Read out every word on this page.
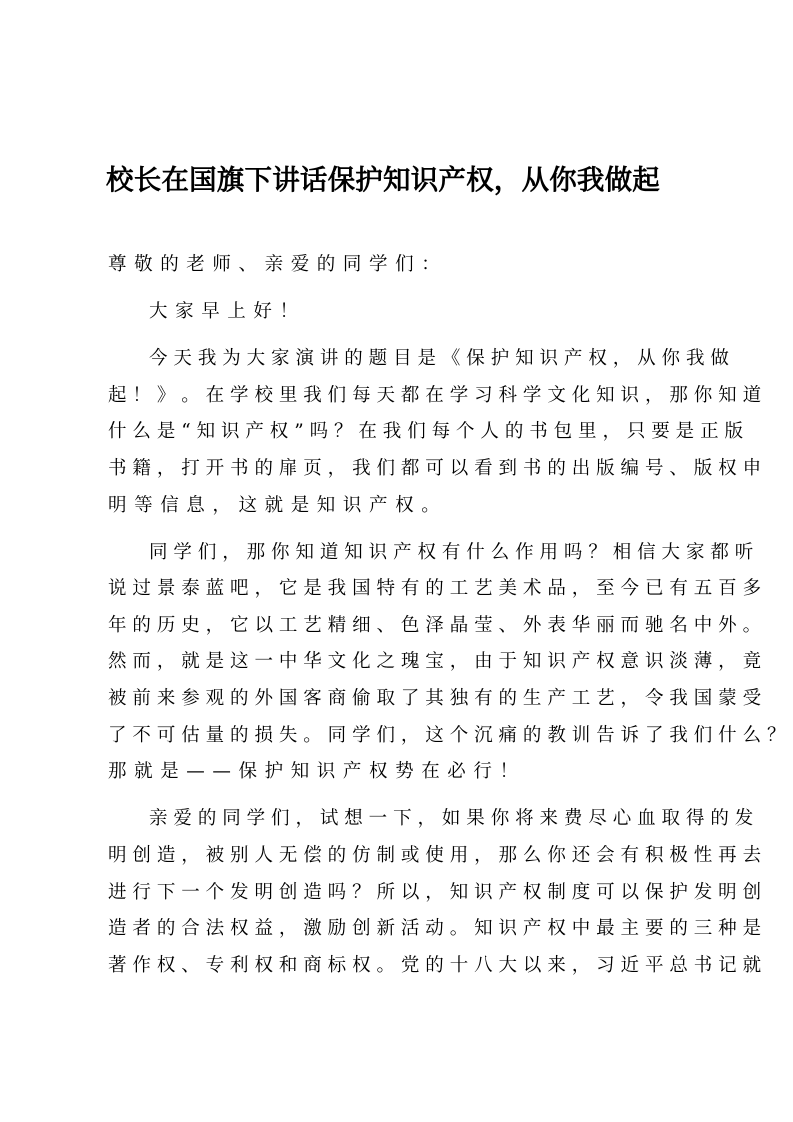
校长在国旗下讲话保护知识产权，从你我做起
尊敬的老师、亲爱的同学们：
大家早上好！
今 天 我 为 大 家 演 讲 的 题 目 是 《 保 护 知 识 产 权 ， 从 你 我 做
起 ！ 》 。 在 学 校 里 我 们 每 天 都 在 学 习 科 学 文 化 知 识 ， 那 你 知 道
什 么 是 “ 知 识 产 权 ” 吗 ？ 在 我 们 每 个 人 的 书 包 里 ， 只 要 是 正 版
书 籍 ， 打 开 书 的 扉 页 ， 我 们 都 可 以 看 到 书 的 出 版 编 号 、 版 权 申
明等信息，这就是知识产权。
同 学 们 ， 那 你 知 道 知 识 产 权 有 什 么 作 用 吗 ？ 相 信 大 家 都 听
说 过 景 泰 蓝 吧 ， 它 是 我 国 特 有 的 工 艺 美 术 品 ， 至 今 已 有 五 百 多
年 的 历 史 ， 它 以 工 艺 精 细 、 色 泽 晶 莹 、 外 表 华 丽 而 驰 名 中 外 。
然 而 ， 就 是 这 一 中 华 文 化 之 瑰 宝 ， 由 于 知 识 产 权 意 识 淡 薄 ， 竟
被 前 来 参 观 的 外 国 客 商 偷 取 了 其 独 有 的 生 产 工 艺 ， 令 我 国 蒙 受
了 不 可 估 量 的 损 失 。 同 学 们 ， 这 个 沉 痛 的 教 训 告 诉 了 我 们 什 么 ？
那就是——保护知识产权势在必行！
亲 爱 的 同 学 们 ， 试 想 一 下 ， 如 果 你 将 来 费 尽 心 血 取 得 的 发
明 创 造 ， 被 别 人 无 偿 的 仿 制 或 使 用 ， 那 么 你 还 会 有 积 极 性 再 去
进 行 下 一 个 发 明 创 造 吗 ？ 所 以 ， 知 识 产 权 制 度 可 以 保 护 发 明 创
造 者 的 合 法 权 益 ， 激 励 创 新 活 动 。 知 识 产 权 中 最 主 要 的 三 种 是
著 作 权 、 专 利 权 和 商 标 权 。 党 的 十 八 大 以 来 ， 习 近 平 总 书 记 就
